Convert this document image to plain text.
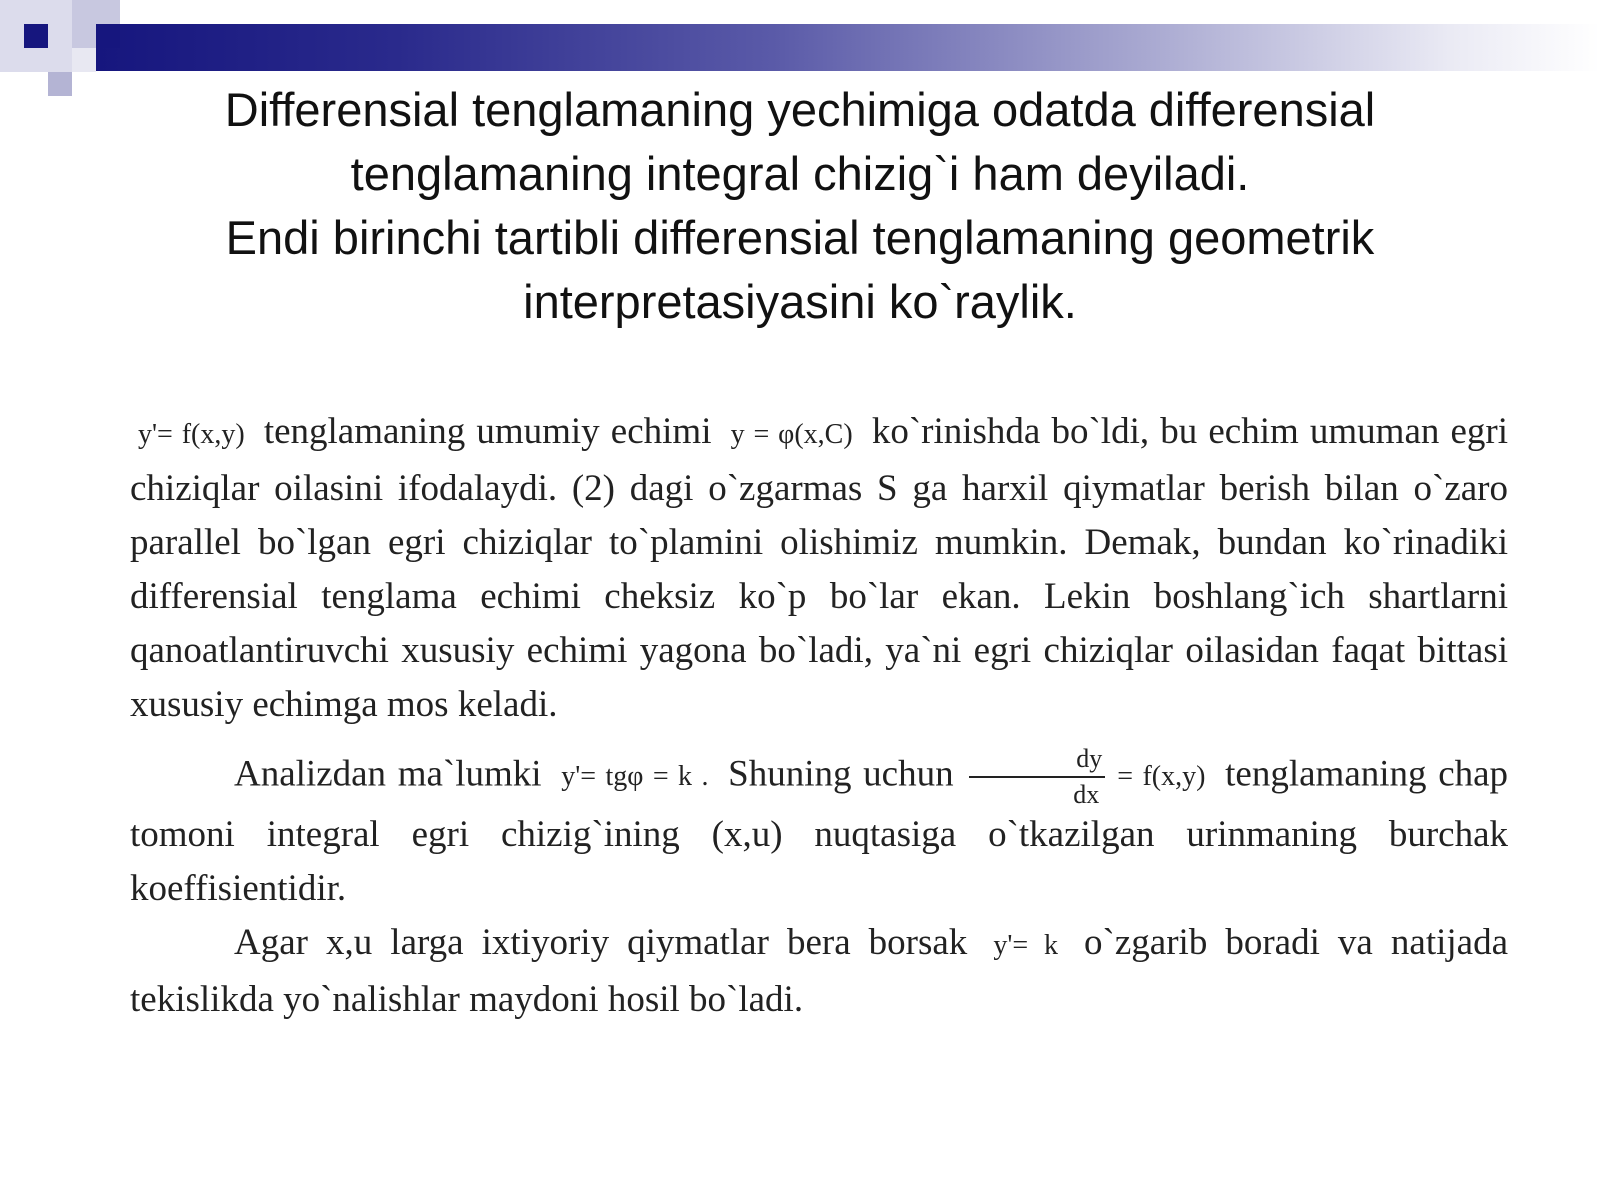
Differensial tenglamaning yechimiga odatda differensial
tenglamaning integral chizig`i ham deyiladi.
Endi birinchi tartibli differensial tenglamaning geometrik
interpretasiyasini ko`raylik.
y'= f(x,y) tenglamaning umumiy echimi y = φ(x,C) ko`rinishda bo`ldi, bu echim umuman egri chiziqlar oilasini ifodalaydi. (2) dagi o`zgarmas S ga harxil qiymatlar berish bilan o`zaro parallel bo`lgan egri chiziqlar to`plamini olishimiz mumkin. Demak, bundan ko`rinadiki differensial tenglama echimi cheksiz ko`p bo`lar ekan. Lekin boshlang`ich shartlarni qanoatlantiruvchi xususiy echimi yagona bo`ladi, ya`ni egri chiziqlar oilasidan faqat bittasi xususiy echimga mos keladi.
Analizdan ma`lumki y'= tgφ = k . Shuning uchun $\frac{dy}{dx} = f(x,y)$ tenglamaning chap tomoni integral egri chizig`ining (x,u) nuqtasiga o`tkazilgan urinmaning burchak koeffisientidir.
Agar x,u larga ixtiyoriy qiymatlar bera borsak y'= k o`zgarib boradi va natijada tekislikda yo`nalishlar maydoni hosil bo`ladi.
